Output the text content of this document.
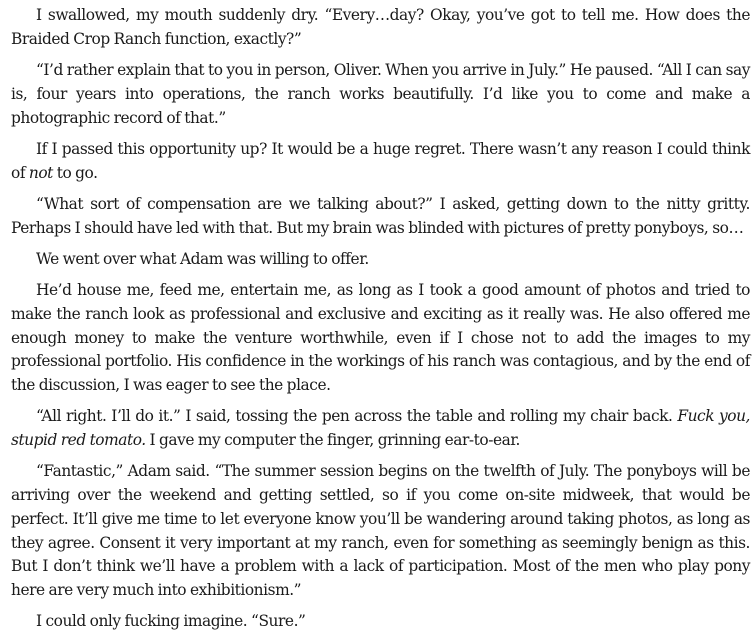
I swallowed, my mouth suddenly dry. “Every…day? Okay, you’ve got to tell me. How does the Braided Crop Ranch function, exactly?”

“I’d rather explain that to you in person, Oliver. When you arrive in July.” He paused. “All I can say is, four years into operations, the ranch works beautifully. I’d like you to come and make a photographic record of that.”

If I passed this opportunity up? It would be a huge regret. There wasn’t any reason I could think of not to go.

“What sort of compensation are we talking about?” I asked, getting down to the nitty gritty. Perhaps I should have led with that. But my brain was blinded with pictures of pretty ponyboys, so…

We went over what Adam was willing to offer.

He’d house me, feed me, entertain me, as long as I took a good amount of photos and tried to make the ranch look as professional and exclusive and exciting as it really was. He also offered me enough money to make the venture worthwhile, even if I chose not to add the images to my professional portfolio. His confidence in the workings of his ranch was contagious, and by the end of the discussion, I was eager to see the place.

“All right. I’ll do it.” I said, tossing the pen across the table and rolling my chair back. Fuck you, stupid red tomato. I gave my computer the finger, grinning ear-to-ear.

“Fantastic,” Adam said. “The summer session begins on the twelfth of July. The ponyboys will be arriving over the weekend and getting settled, so if you come on-site midweek, that would be perfect. It’ll give me time to let everyone know you’ll be wandering around taking photos, as long as they agree. Consent it very important at my ranch, even for something as seemingly benign as this. But I don’t think we’ll have a problem with a lack of participation. Most of the men who play pony here are very much into exhibitionism.”

I could only fucking imagine. “Sure.”
